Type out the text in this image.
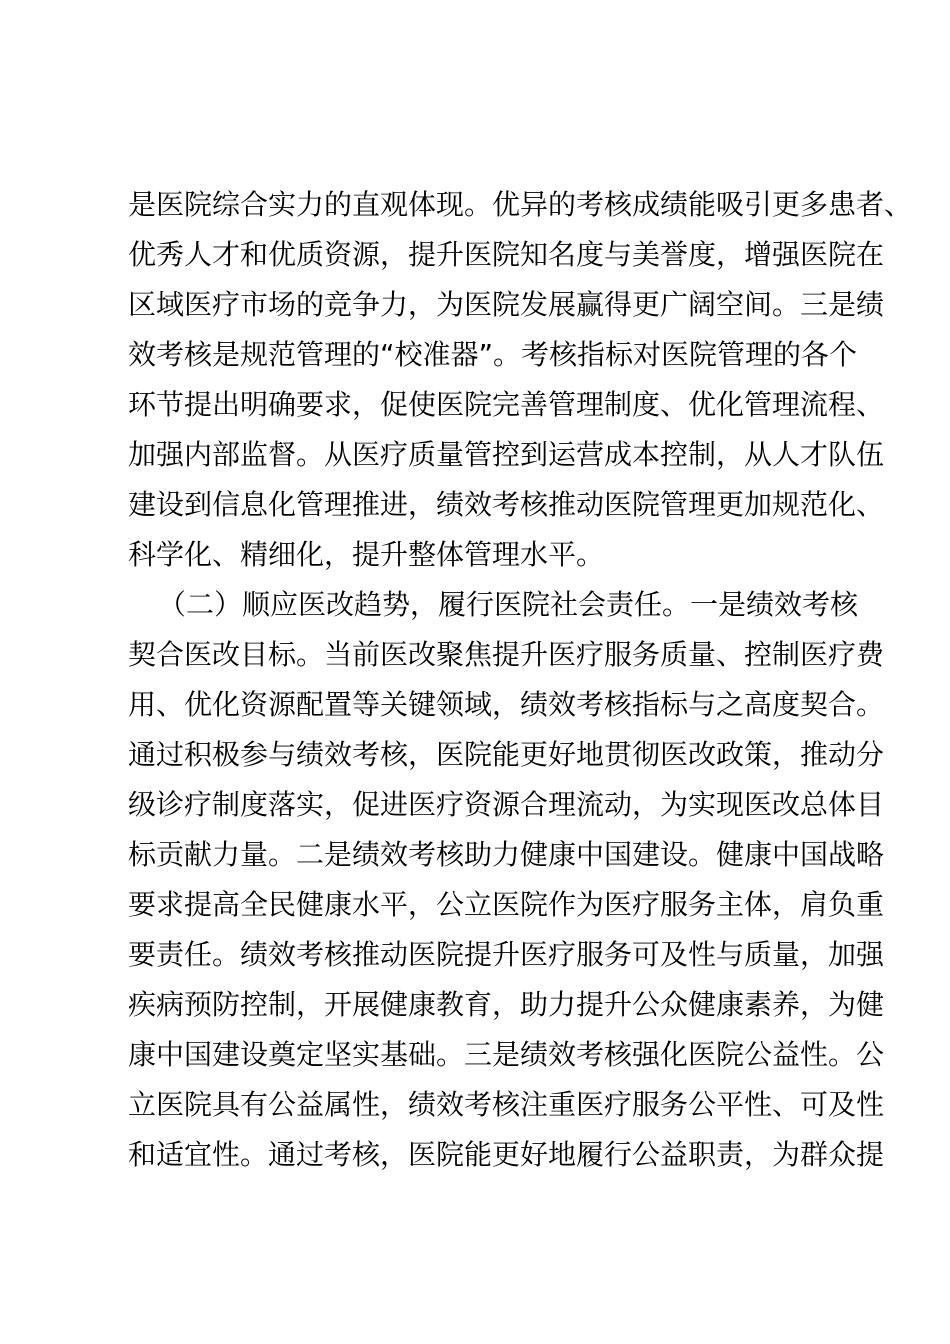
是医院综合实力的直观体现。优异的考核成绩能吸引更多患者、
优秀人才和优质资源，提升医院知名度与美誉度，增强医院在
区域医疗市场的竞争力，为医院发展赢得更广阔空间。三是绩
效考核是规范管理的“校准器”。考核指标对医院管理的各个
环节提出明确要求，促使医院完善管理制度、优化管理流程、
加强内部监督。从医疗质量管控到运营成本控制，从人才队伍
建设到信息化管理推进，绩效考核推动医院管理更加规范化、
科学化、精细化，提升整体管理水平。
（二）顺应医改趋势，履行医院社会责任。一是绩效考核
契合医改目标。当前医改聚焦提升医疗服务质量、控制医疗费
用、优化资源配置等关键领域，绩效考核指标与之高度契合。
通过积极参与绩效考核，医院能更好地贯彻医改政策，推动分
级诊疗制度落实，促进医疗资源合理流动，为实现医改总体目
标贡献力量。二是绩效考核助力健康中国建设。健康中国战略
要求提高全民健康水平，公立医院作为医疗服务主体，肩负重
要责任。绩效考核推动医院提升医疗服务可及性与质量，加强
疾病预防控制，开展健康教育，助力提升公众健康素养，为健
康中国建设奠定坚实基础。三是绩效考核强化医院公益性。公
立医院具有公益属性，绩效考核注重医疗服务公平性、可及性
和适宜性。通过考核，医院能更好地履行公益职责，为群众提
